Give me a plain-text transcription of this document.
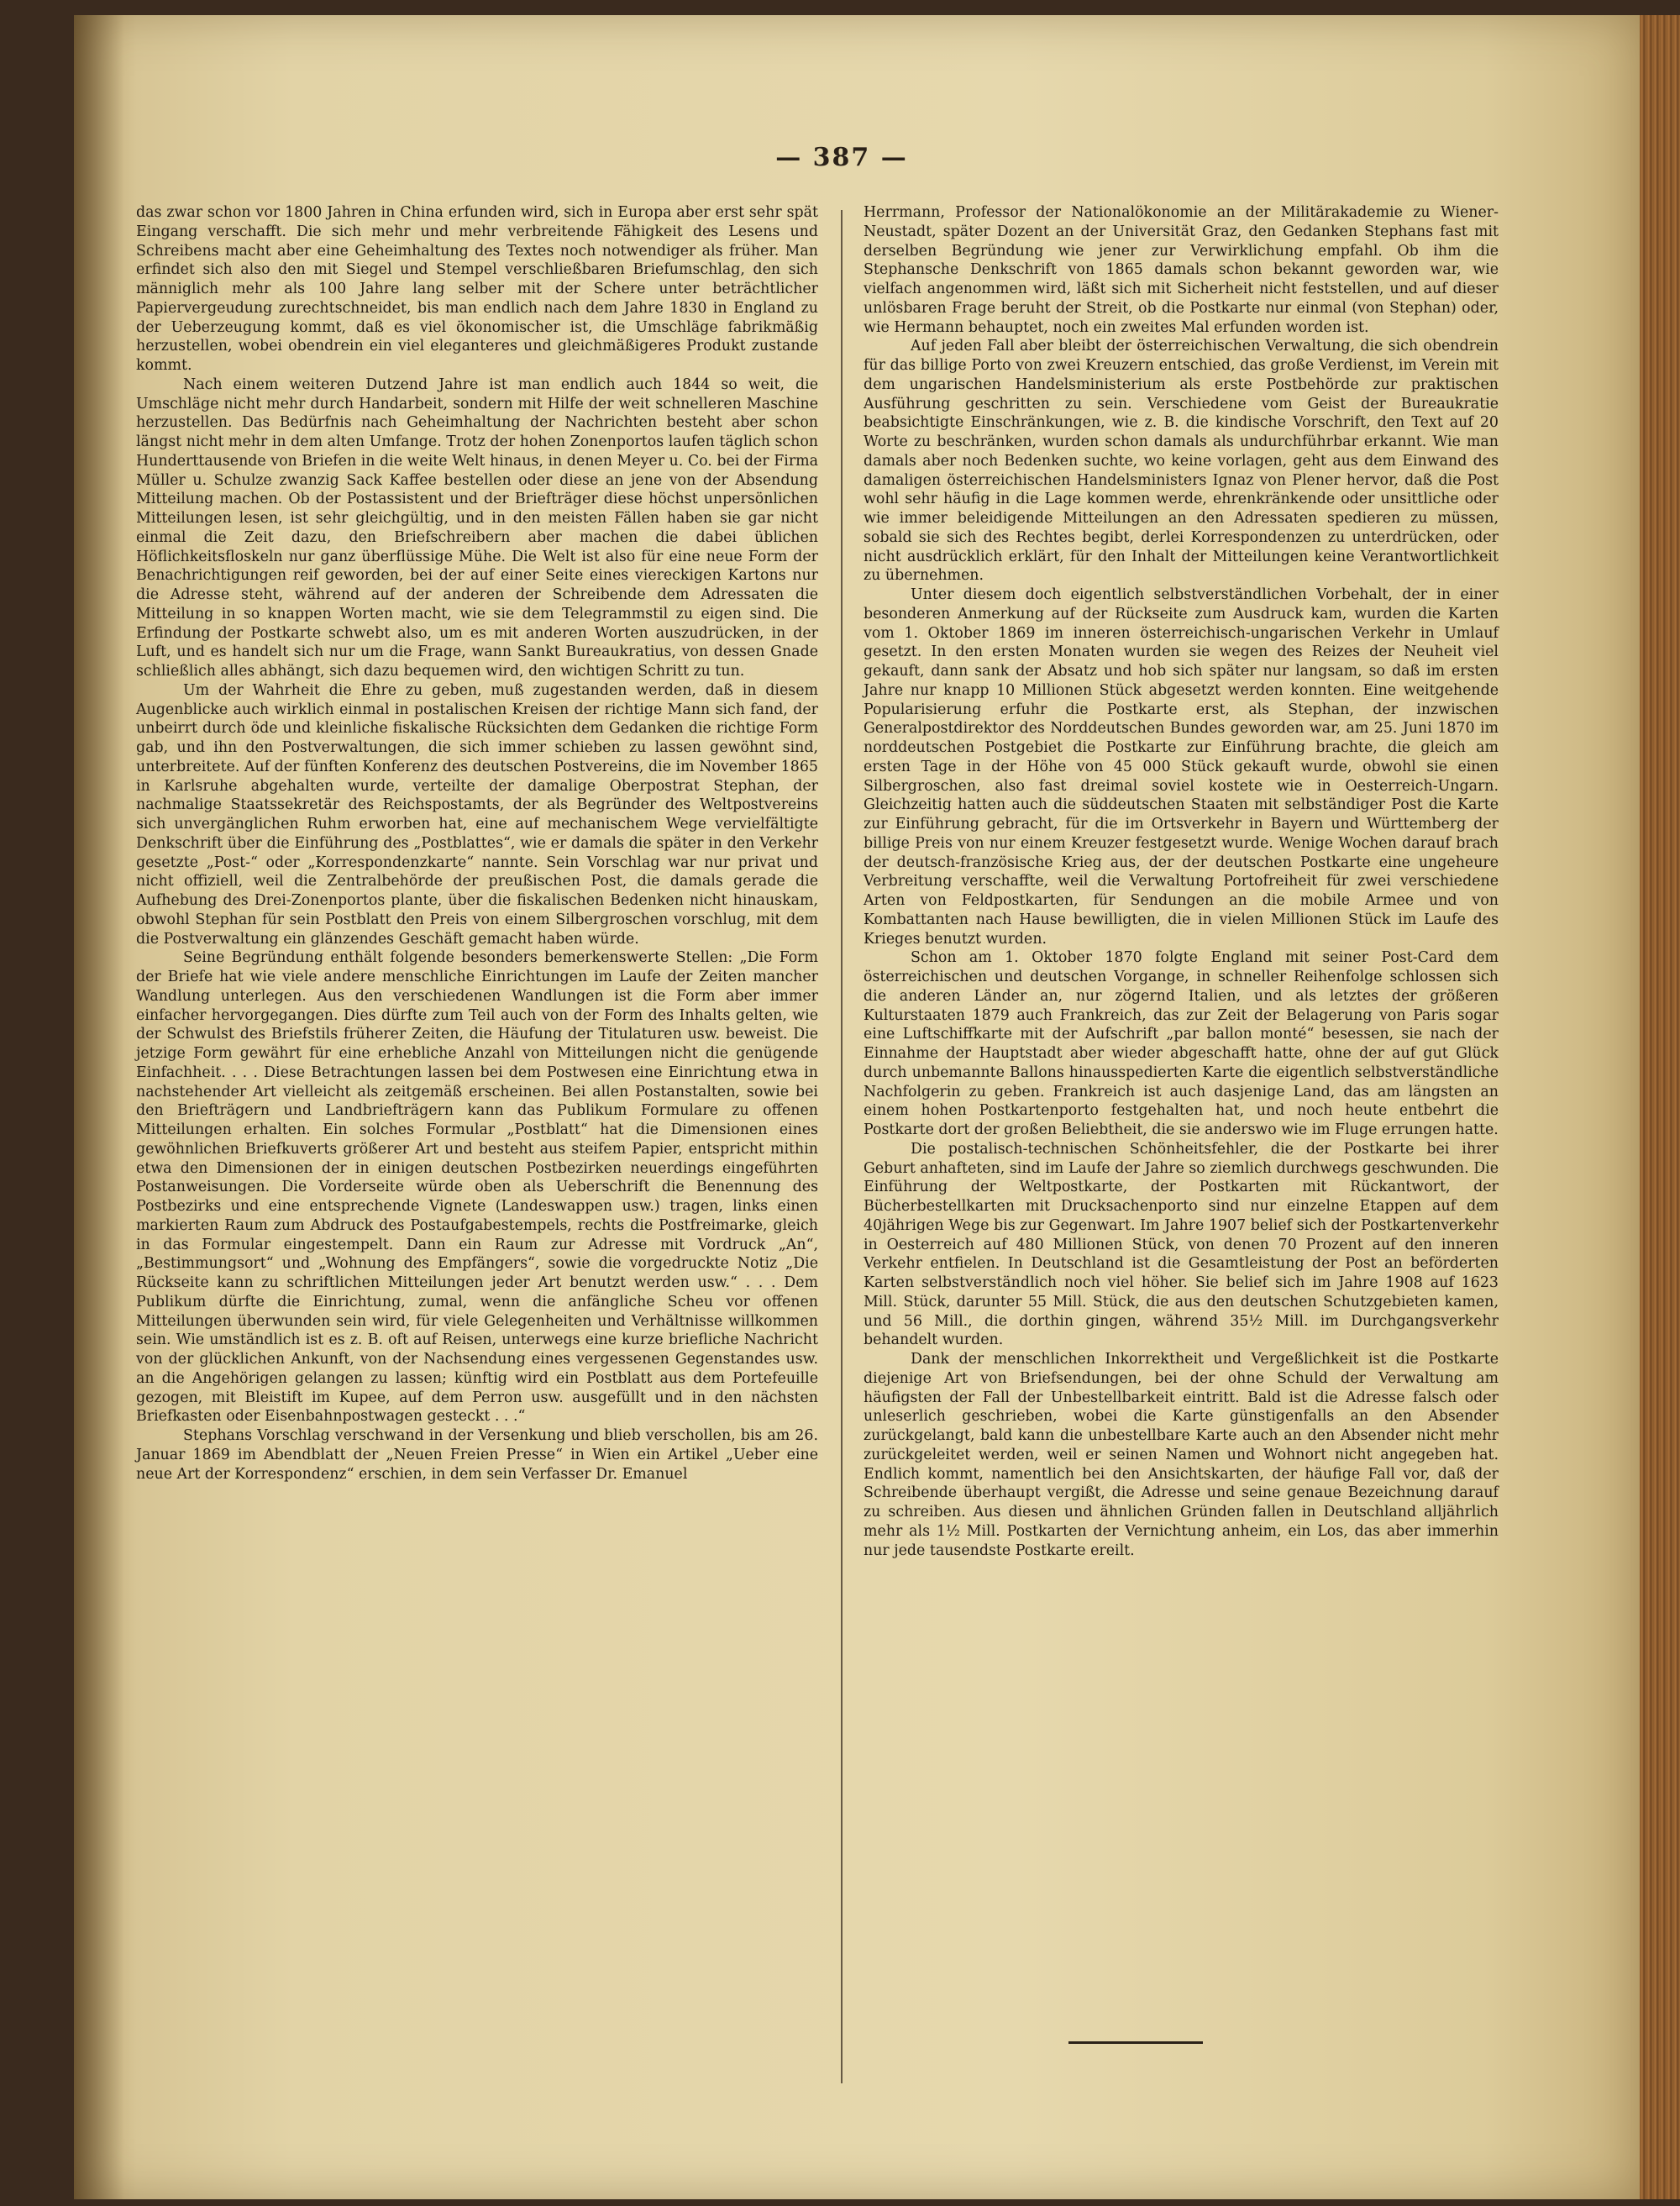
— 387 —

das zwar schon vor 1800 Jahren in China erfunden wird, sich in Europa aber erst sehr spät Eingang verschafft. Die sich mehr und mehr verbreitende Fähigkeit des Lesens und Schreibens macht aber eine Geheimhaltung des Textes noch notwendiger als früher. Man erfindet sich also den mit Siegel und Stempel verschließbaren Briefumschlag, den sich männiglich mehr als 100 Jahre lang selber mit der Schere unter beträchtlicher Papiervergeudung zurechtschneidet, bis man endlich nach dem Jahre 1830 in England zu der Ueberzeugung kommt, daß es viel ökonomischer ist, die Umschläge fabrikmäßig herzustellen, wobei obendrein ein viel eleganteres und gleichmäßigeres Produkt zustande kommt.

Nach einem weiteren Dutzend Jahre ist man endlich auch 1844 so weit, die Umschläge nicht mehr durch Handarbeit, sondern mit Hilfe der weit schnelleren Maschine herzustellen. Das Bedürfnis nach Geheimhaltung der Nachrichten besteht aber schon längst nicht mehr in dem alten Umfange. Trotz der hohen Zonenportos laufen täglich schon Hunderttausende von Briefen in die weite Welt hinaus, in denen Meyer u. Co. bei der Firma Müller u. Schulze zwanzig Sack Kaffee bestellen oder diese an jene von der Absendung Mitteilung machen. Ob der Postassistent und der Briefträger diese höchst unpersönlichen Mitteilungen lesen, ist sehr gleichgültig, und in den meisten Fällen haben sie gar nicht einmal die Zeit dazu, den Briefschreibern aber machen die dabei üblichen Höflichkeitsfloskeln nur ganz überflüssige Mühe. Die Welt ist also für eine neue Form der Benachrichtigungen reif geworden, bei der auf einer Seite eines viereckigen Kartons nur die Adresse steht, während auf der anderen der Schreibende dem Adressaten die Mitteilung in so knappen Worten macht, wie sie dem Telegrammstil zu eigen sind. Die Erfindung der Postkarte schwebt also, um es mit anderen Worten auszudrücken, in der Luft, und es handelt sich nur um die Frage, wann Sankt Bureaukratius, von dessen Gnade schließlich alles abhängt, sich dazu bequemen wird, den wichtigen Schritt zu tun.

Um der Wahrheit die Ehre zu geben, muß zugestanden werden, daß in diesem Augenblicke auch wirklich einmal in postalischen Kreisen der richtige Mann sich fand, der unbeirrt durch öde und kleinliche fiskalische Rücksichten dem Gedanken die richtige Form gab, und ihn den Postverwaltungen, die sich immer schieben zu lassen gewöhnt sind, unterbreitete. Auf der fünften Konferenz des deutschen Postvereins, die im November 1865 in Karlsruhe abgehalten wurde, verteilte der damalige Oberpostrat Stephan, der nachmalige Staatssekretär des Reichspostamts, der als Begründer des Weltpostvereins sich unvergänglichen Ruhm erworben hat, eine auf mechanischem Wege vervielfältigte Denkschrift über die Einführung des „Postblattes“, wie er damals die später in den Verkehr gesetzte „Post-“ oder „Korrespondenzkarte“ nannte. Sein Vorschlag war nur privat und nicht offiziell, weil die Zentralbehörde der preußischen Post, die damals gerade die Aufhebung des Drei-Zonenportos plante, über die fiskalischen Bedenken nicht hinauskam, obwohl Stephan für sein Postblatt den Preis von einem Silbergroschen vorschlug, mit dem die Postverwaltung ein glänzendes Geschäft gemacht haben würde.

Seine Begründung enthält folgende besonders bemerkenswerte Stellen: „Die Form der Briefe hat wie viele andere menschliche Einrichtungen im Laufe der Zeiten mancher Wandlung unterlegen. Aus den verschiedenen Wandlungen ist die Form aber immer einfacher hervorgegangen. Dies dürfte zum Teil auch von der Form des Inhalts gelten, wie der Schwulst des Briefstils früherer Zeiten, die Häufung der Titulaturen usw. beweist. Die jetzige Form gewährt für eine erhebliche Anzahl von Mitteilungen nicht die genügende Einfachheit. . . . Diese Betrachtungen lassen bei dem Postwesen eine Einrichtung etwa in nachstehender Art vielleicht als zeitgemäß erscheinen. Bei allen Postanstalten, sowie bei den Briefträgern und Landbriefträgern kann das Publikum Formulare zu offenen Mitteilungen erhalten. Ein solches Formular „Postblatt“ hat die Dimensionen eines gewöhnlichen Briefkuverts größerer Art und besteht aus steifem Papier, entspricht mithin etwa den Dimensionen der in einigen deutschen Postbezirken neuerdings eingeführten Postanweisungen. Die Vorderseite würde oben als Ueberschrift die Benennung des Postbezirks und eine entsprechende Vignete (Landeswappen usw.) tragen, links einen markierten Raum zum Abdruck des Postaufgabestempels, rechts die Postfreimarke, gleich in das Formular eingestempelt. Dann ein Raum zur Adresse mit Vordruck „An“, „Bestimmungsort“ und „Wohnung des Empfängers“, sowie die vorgedruckte Notiz „Die Rückseite kann zu schriftlichen Mitteilungen jeder Art benutzt werden usw.“ . . . Dem Publikum dürfte die Einrichtung, zumal, wenn die anfängliche Scheu vor offenen Mitteilungen überwunden sein wird, für viele Gelegenheiten und Verhältnisse willkommen sein. Wie umständlich ist es z. B. oft auf Reisen, unterwegs eine kurze briefliche Nachricht von der glücklichen Ankunft, von der Nachsendung eines vergessenen Gegenstandes usw. an die Angehörigen gelangen zu lassen; künftig wird ein Postblatt aus dem Portefeuille gezogen, mit Bleistift im Kupee, auf dem Perron usw. ausgefüllt und in den nächsten Briefkasten oder Eisenbahnpostwagen gesteckt . . .“

Stephans Vorschlag verschwand in der Versenkung und blieb verschollen, bis am 26. Januar 1869 im Abendblatt der „Neuen Freien Presse“ in Wien ein Artikel „Ueber eine neue Art der Korrespondenz“ erschien, in dem sein Verfasser Dr. Emanuel

Herrmann, Professor der Nationalökonomie an der Militärakademie zu Wiener-Neustadt, später Dozent an der Universität Graz, den Gedanken Stephans fast mit derselben Begründung wie jener zur Verwirklichung empfahl. Ob ihm die Stephansche Denkschrift von 1865 damals schon bekannt geworden war, wie vielfach angenommen wird, läßt sich mit Sicherheit nicht feststellen, und auf dieser unlösbaren Frage beruht der Streit, ob die Postkarte nur einmal (von Stephan) oder, wie Hermann behauptet, noch ein zweites Mal erfunden worden ist.

Auf jeden Fall aber bleibt der österreichischen Verwaltung, die sich obendrein für das billige Porto von zwei Kreuzern entschied, das große Verdienst, im Verein mit dem ungarischen Handelsministerium als erste Postbehörde zur praktischen Ausführung geschritten zu sein. Verschiedene vom Geist der Bureaukratie beabsichtigte Einschränkungen, wie z. B. die kindische Vorschrift, den Text auf 20 Worte zu beschränken, wurden schon damals als undurchführbar erkannt. Wie man damals aber noch Bedenken suchte, wo keine vorlagen, geht aus dem Einwand des damaligen österreichischen Handelsministers Ignaz von Plener hervor, daß die Post wohl sehr häufig in die Lage kommen werde, ehrenkränkende oder unsittliche oder wie immer beleidigende Mitteilungen an den Adressaten spedieren zu müssen, sobald sie sich des Rechtes begibt, derlei Korrespondenzen zu unterdrücken, oder nicht ausdrücklich erklärt, für den Inhalt der Mitteilungen keine Verantwortlichkeit zu übernehmen.

Unter diesem doch eigentlich selbstverständlichen Vorbehalt, der in einer besonderen Anmerkung auf der Rückseite zum Ausdruck kam, wurden die Karten vom 1. Oktober 1869 im inneren österreichisch-ungarischen Verkehr in Umlauf gesetzt. In den ersten Monaten wurden sie wegen des Reizes der Neuheit viel gekauft, dann sank der Absatz und hob sich später nur langsam, so daß im ersten Jahre nur knapp 10 Millionen Stück abgesetzt werden konnten. Eine weitgehende Popularisierung erfuhr die Postkarte erst, als Stephan, der inzwischen Generalpostdirektor des Norddeutschen Bundes geworden war, am 25. Juni 1870 im norddeutschen Postgebiet die Postkarte zur Einführung brachte, die gleich am ersten Tage in der Höhe von 45 000 Stück gekauft wurde, obwohl sie einen Silbergroschen, also fast dreimal soviel kostete wie in Oesterreich-Ungarn. Gleichzeitig hatten auch die süddeutschen Staaten mit selbständiger Post die Karte zur Einführung gebracht, für die im Ortsverkehr in Bayern und Württemberg der billige Preis von nur einem Kreuzer festgesetzt wurde. Wenige Wochen darauf brach der deutsch-französische Krieg aus, der der deutschen Postkarte eine ungeheure Verbreitung verschaffte, weil die Verwaltung Portofreiheit für zwei verschiedene Arten von Feldpostkarten, für Sendungen an die mobile Armee und von Kombattanten nach Hause bewilligten, die in vielen Millionen Stück im Laufe des Krieges benutzt wurden.

Schon am 1. Oktober 1870 folgte England mit seiner Post-Card dem österreichischen und deutschen Vorgange, in schneller Reihenfolge schlossen sich die anderen Länder an, nur zögernd Italien, und als letztes der größeren Kulturstaaten 1879 auch Frankreich, das zur Zeit der Belagerung von Paris sogar eine Luftschiffkarte mit der Aufschrift „par ballon monté“ besessen, sie nach der Einnahme der Hauptstadt aber wieder abgeschafft hatte, ohne der auf gut Glück durch unbemannte Ballons hinausspedierten Karte die eigentlich selbstverständliche Nachfolgerin zu geben. Frankreich ist auch dasjenige Land, das am längsten an einem hohen Postkartenporto festgehalten hat, und noch heute entbehrt die Postkarte dort der großen Beliebtheit, die sie anderswo wie im Fluge errungen hatte.

Die postalisch-technischen Schönheitsfehler, die der Postkarte bei ihrer Geburt anhafteten, sind im Laufe der Jahre so ziemlich durchwegs geschwunden. Die Einführung der Weltpostkarte, der Postkarten mit Rückantwort, der Bücherbestellkarten mit Drucksachenporto sind nur einzelne Etappen auf dem 40jährigen Wege bis zur Gegenwart. Im Jahre 1907 belief sich der Postkartenverkehr in Oesterreich auf 480 Millionen Stück, von denen 70 Prozent auf den inneren Verkehr entfielen. In Deutschland ist die Gesamtleistung der Post an beförderten Karten selbstverständlich noch viel höher. Sie belief sich im Jahre 1908 auf 1623 Mill. Stück, darunter 55 Mill. Stück, die aus den deutschen Schutzgebieten kamen, und 56 Mill., die dorthin gingen, während 35½ Mill. im Durchgangsverkehr behandelt wurden.

Dank der menschlichen Inkorrektheit und Vergeßlichkeit ist die Postkarte diejenige Art von Briefsendungen, bei der ohne Schuld der Verwaltung am häufigsten der Fall der Unbestellbarkeit eintritt. Bald ist die Adresse falsch oder unleserlich geschrieben, wobei die Karte günstigenfalls an den Absender zurückgelangt, bald kann die unbestellbare Karte auch an den Absender nicht mehr zurückgeleitet werden, weil er seinen Namen und Wohnort nicht angegeben hat. Endlich kommt, namentlich bei den Ansichtskarten, der häufige Fall vor, daß der Schreibende überhaupt vergißt, die Adresse und seine genaue Bezeichnung darauf zu schreiben. Aus diesen und ähnlichen Gründen fallen in Deutschland alljährlich mehr als 1½ Mill. Postkarten der Vernichtung anheim, ein Los, das aber immerhin nur jede tausendste Postkarte ereilt.
